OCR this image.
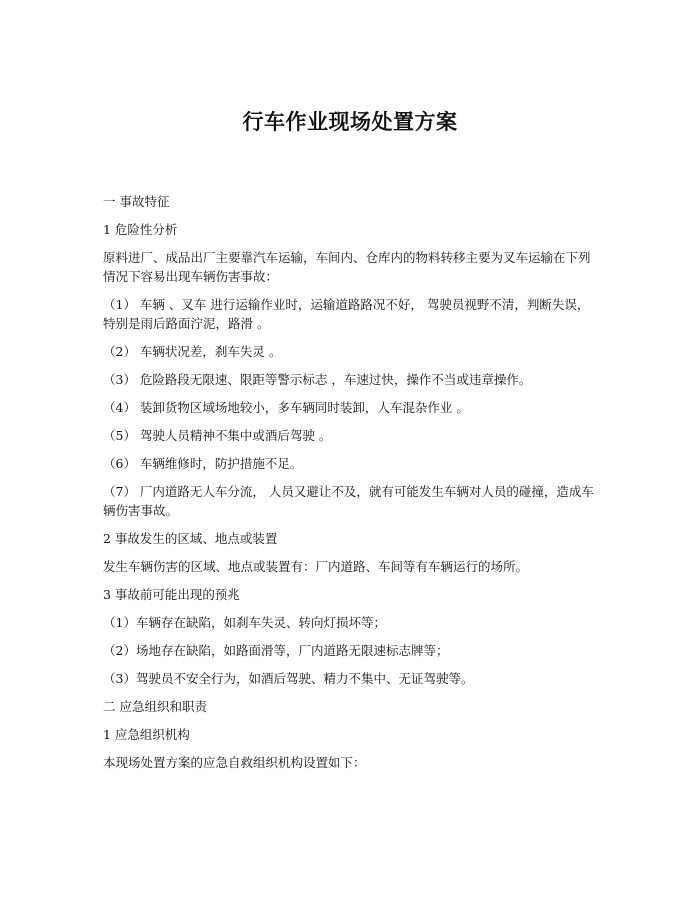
行车作业现场处置方案

一 事故特征

1 危险性分析

原料进厂、成品出厂主要靠汽车运输，车间内、仓库内的物料转移主要为叉车运输在下列情况下容易出现车辆伤害事故：

（1） 车辆 、叉车 进行运输作业时，运输道路路况不好， 驾驶员视野不清，判断失误， 特别是雨后路面泞泥，路滑 。

（2） 车辆状况差，刹车失灵 。

（3） 危险路段无限速、限距等警示标志 ，车速过快，操作不当或违章操作。

（4） 装卸货物区域场地较小，多车辆同时装卸，人车混杂作业 。

（5） 驾驶人员精神不集中或酒后驾驶 。

（6） 车辆维修时，防护措施不足。

（7） 厂内道路无人车分流， 人员又避让不及，就有可能发生车辆对人员的碰撞，造成车辆伤害事故。

2 事故发生的区域、地点或装置

发生车辆伤害的区域、地点或装置有：厂内道路、车间等有车辆运行的场所。

3 事故前可能出现的预兆

（1）车辆存在缺陷，如刹车失灵、转向灯损坏等；

（2）场地存在缺陷，如路面滑等，厂内道路无限速标志牌等；

（3）驾驶员不安全行为，如酒后驾驶、精力不集中、无证驾驶等。

二 应急组织和职责

1 应急组织机构

本现场处置方案的应急自救组织机构设置如下：
